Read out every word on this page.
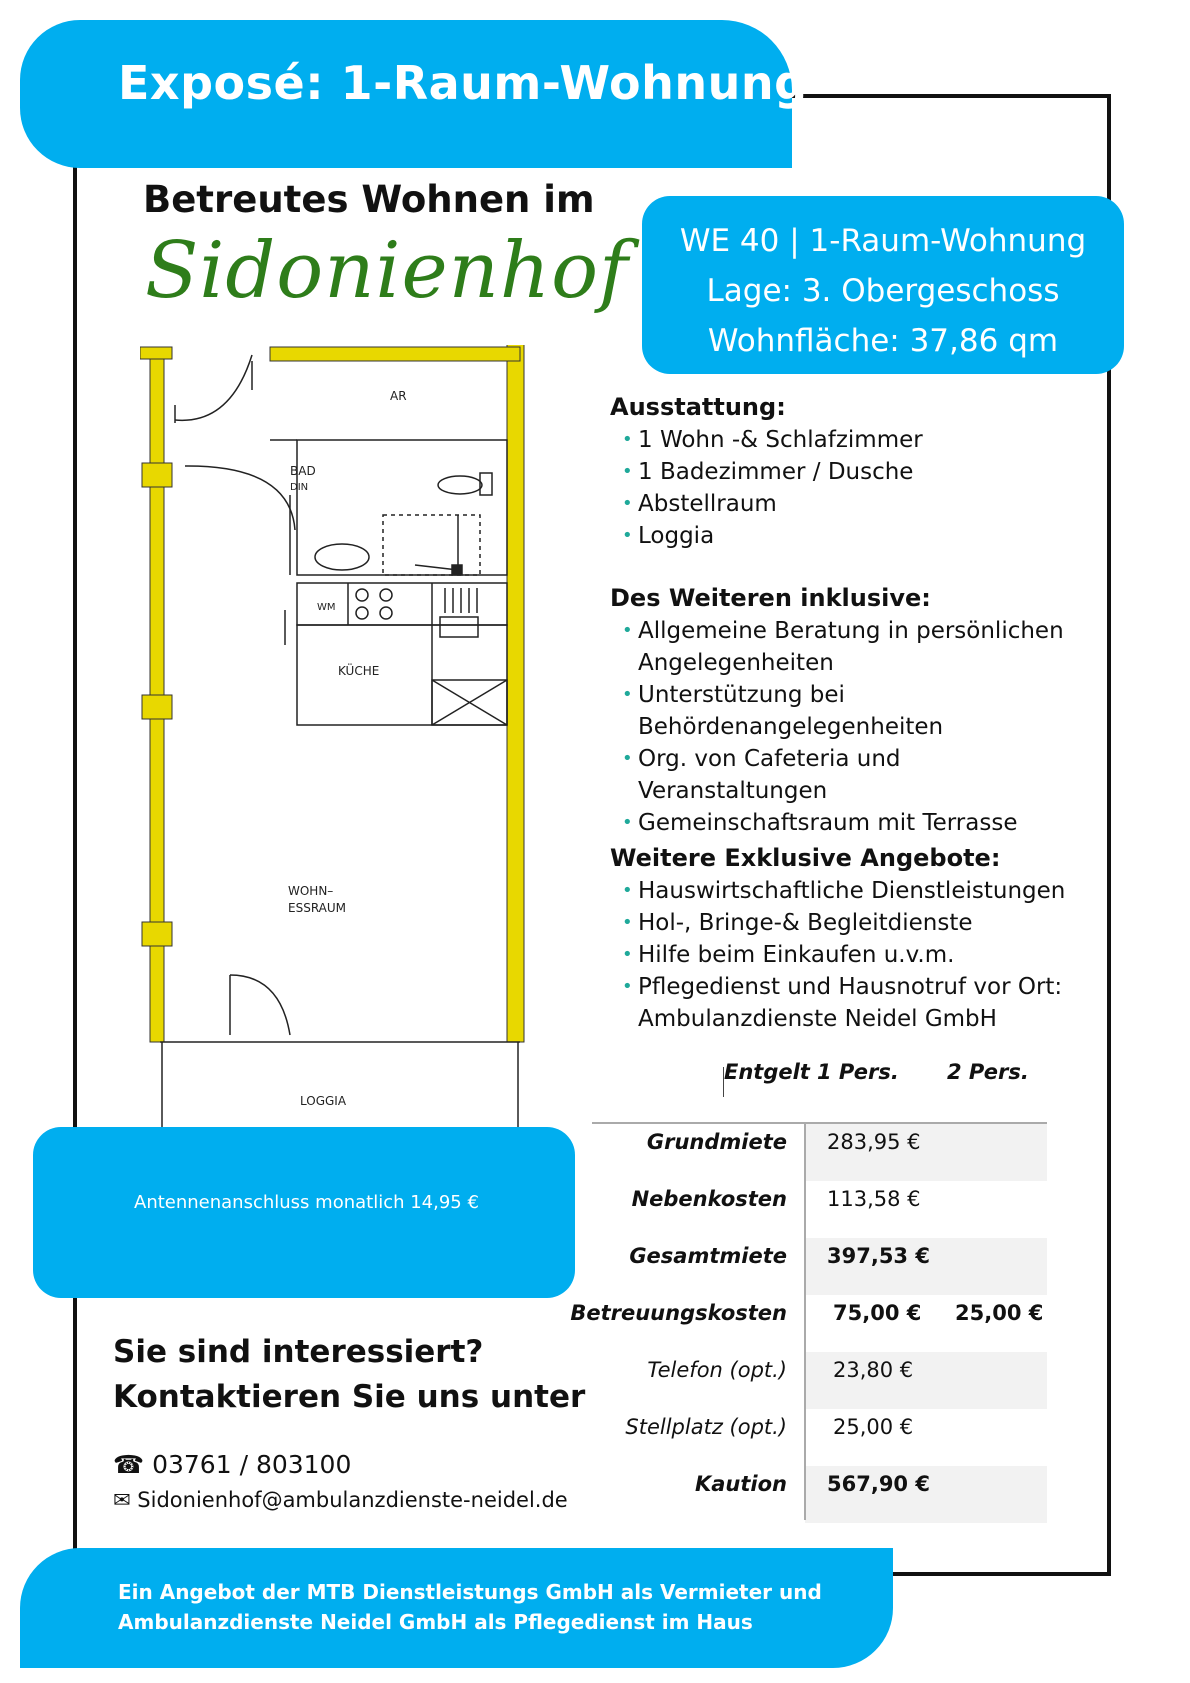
Exposé: 1-Raum-Wohnung
Betreutes Wohnen im
Sidonienhof	WE 40 | 1-Raum-Wohnung
Lage: 3. Obergeschoss
Wohnfläche: 37,86 qm
AR
BAD
DIN
WM
KÜCHE
WOHN–
ESSRAUM
LOGGIA
Ausstattung:
• 1 Wohn -& Schlafzimmer
• 1 Badezimmer / Dusche
• Abstellraum
• Loggia
Des Weiteren inklusive:
• Allgemeine Beratung in persönlichen Angelegenheiten
• Unterstützung bei Behördenangelegenheiten
• Org. von Cafeteria und Veranstaltungen
• Gemeinschaftsraum mit Terrasse
Weitere Exklusive Angebote:
• Hauswirtschaftliche Dienstleistungen
• Hol-, Bringe-& Begleitdienste
• Hilfe beim Einkaufen u.v.m.
• Pflegedienst und Hausnotruf vor Ort: Ambulanzdienste Neidel GmbH
Antennenanschluss monatlich 14,95 €
Entgelt 1 Pers. 2 Pers.
Grundmiete 283,95 €
Nebenkosten 113,58 €
Gesamtmiete 397,53 €
Betreuungskosten 75,00 € 25,00 €
Telefon (opt.) 23,80 €
Stellplatz (opt.) 25,00 €
Kaution 567,90 €
Sie sind interessiert?
Kontaktieren Sie uns unter
☎ 03761 / 803100
✉ Sidonienhof@ambulanzdienste-neidel.de
Ein Angebot der MTB Dienstleistungs GmbH als Vermieter und
Ambulanzdienste Neidel GmbH als Pflegedienst im Haus
